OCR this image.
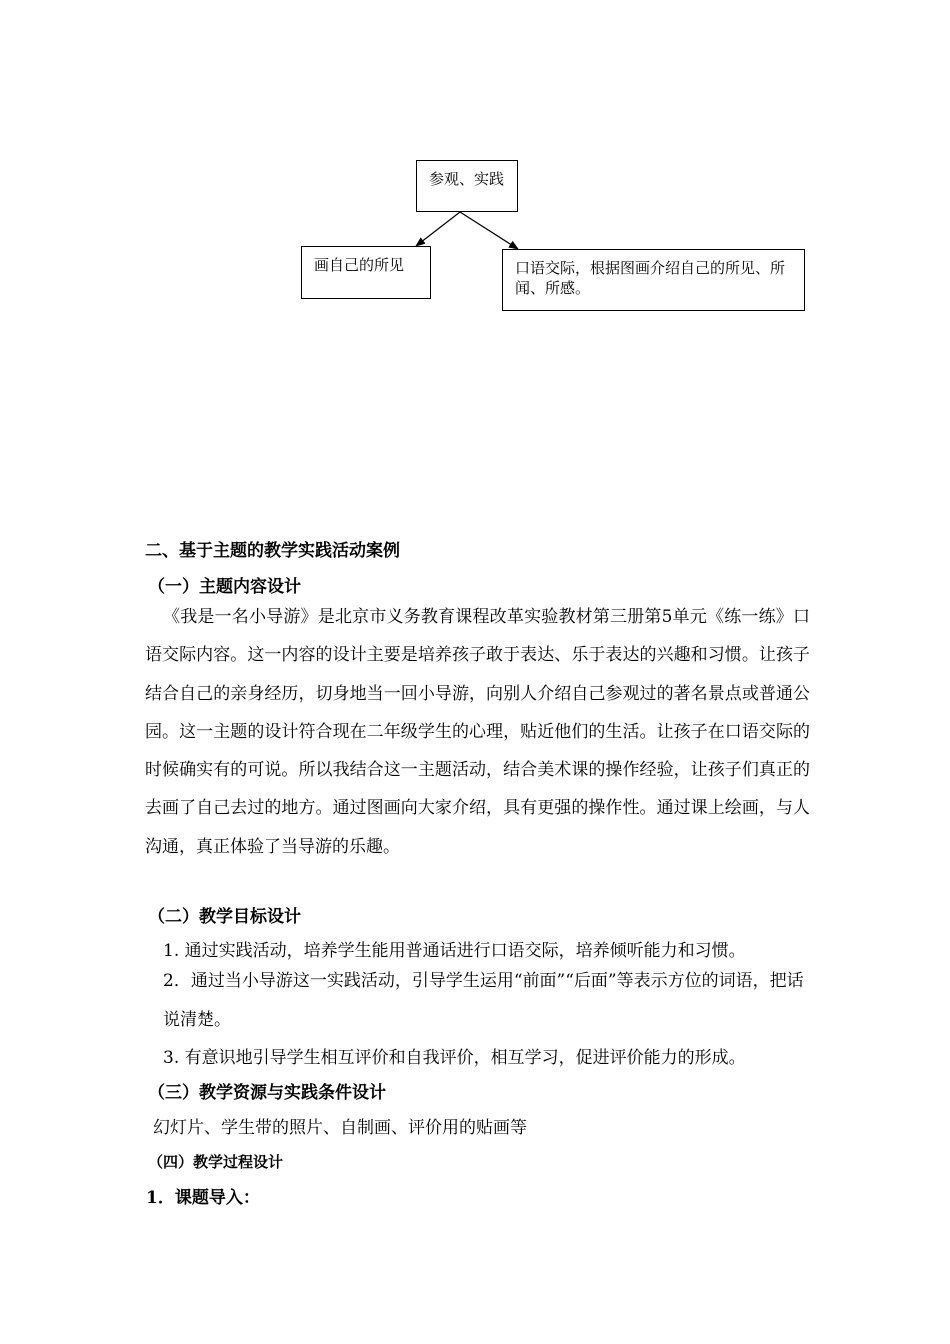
参观、实践
画自己的所见	口语交际，根据图画介绍自己的所见、所闻、所感。
二、基于主题的教学实践活动案例
（一）主题内容设计

《我是一名小导游》是北京市义务教育课程改革实验教材第三册第5单元《练一练》口语交际内容。这一内容的设计主要是培养孩子敢于表达、乐于表达的兴趣和习惯。让孩子结合自己的亲身经历，切身地当一回小导游，向别人介绍自己参观过的著名景点或普通公园。这一主题的设计符合现在二年级学生的心理，贴近他们的生活。让孩子在口语交际的时候确实有的可说。所以我结合这一主题活动，结合美术课的操作经验，让孩子们真正的去画了自己去过的地方。通过图画向大家介绍，具有更强的操作性。通过课上绘画，与人沟通，真正体验了当导游的乐趣。

（二）教学目标设计
1. 通过实践活动，培养学生能用普通话进行口语交际，培养倾听能力和习惯。

2．通过当小导游这一实践活动，引导学生运用“前面”“后面”等表示方位的词语，把话说清楚。

3. 有意识地引导学生相互评价和自我评价，相互学习，促进评价能力的形成。
（三）教学资源与实践条件设计
幻灯片、学生带的照片、自制画、评价用的贴画等
（四）教学过程设计
1．课题导入：
